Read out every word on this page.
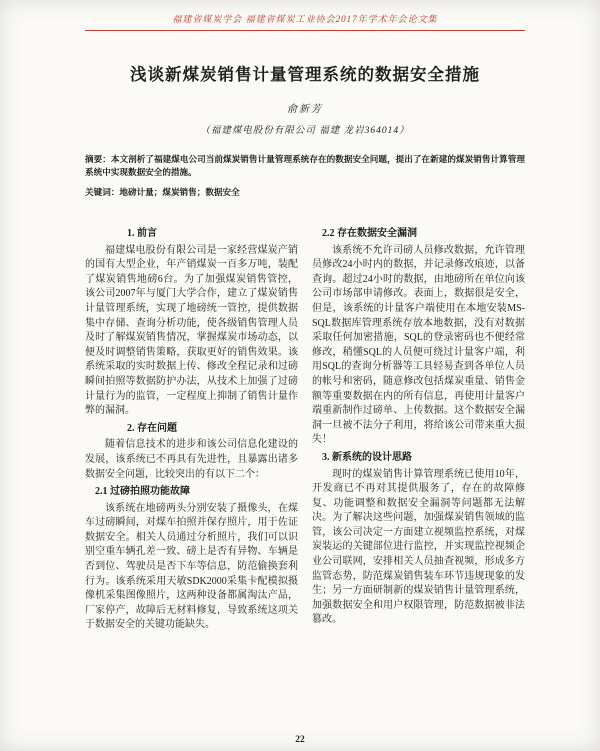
福建省煤炭学会 福建省煤炭工业协会2017年学术年会论文集
浅谈新煤炭销售计量管理系统的数据安全措施
俞新芳
（福建煤电股份有限公司 福建 龙岩364014）
摘要：本文剖析了福建煤电公司当前煤炭销售计量管理系统存在的数据安全问题，提出了在新建的煤炭销售计算管理系统中实现数据安全的措施。
关键词：地磅计量；煤炭销售；数据安全
1. 前言

福建煤电股份有限公司是一家经营煤炭产销的国有大型企业，年产销煤炭一百多万吨，装配了煤炭销售地磅6台。为了加强煤炭销售管控，该公司2007年与厦门大学合作，建立了煤炭销售计量管理系统，实现了地磅统一管控，提供数据集中存储、查询分析功能，使各级销售管理人员及时了解煤炭销售情况，掌握煤炭市场动态，以便及时调整销售策略，获取更好的销售效果。该系统采取的实时数据上传、修改全程记录和过磅瞬间拍照等数据防护办法，从技术上加强了过磅计量行为的监管，一定程度上抑制了销售计量作弊的漏洞。

2. 存在问题

随着信息技术的进步和该公司信息化建设的发展，该系统已不再具有先进性，且暴露出诸多数据安全问题，比较突出的有以下二个：

2.1 过磅拍照功能故障

该系统在地磅两头分别安装了摄像头，在煤车过磅瞬间，对煤车拍照并保存照片，用于佐证数据安全。相关人员通过分析照片，我们可以识别空重车辆孔差一致、磅上是否有异物、车辆是否到位、驾驶员是否下车等信息，防范偷换套利行为。该系统采用天敏SDK2000采集卡配模拟摄像机采集图像照片，这两种设备都属淘汰产品，厂家停产，故障后无材料修复，导致系统这项关于数据安全的关键功能缺失。

2.2 存在数据安全漏洞

该系统不允许司磅人员修改数据，允许管理员修改24小时内的数据，并记录修改痕迹，以备查询。超过24小时的数据，由地磅所在单位向该公司市场部申请修改。表面上，数据很是安全，但是，该系统的计量客户端使用在本地安装MS-SQL数据库管理系统存放本地数据，没有对数据采取任何加密措施，SQL的登录密码也不便经常修改，稍懂SQL的人员便可绕过计量客户端，利用SQL的查询分析器等工具轻易查到各单位人员的帐号和密码，随意修改包括煤炭重量、销售金额等重要数据在内的所有信息，再使用计量客户端重新制作过磅单、上传数据。这个数据安全漏洞一旦被不法分子利用，将给该公司带来重大损失！

3. 新系统的设计思路

现时的煤炭销售计算管理系统已使用10年，开发商已不再对其提供服务了，存在的故障修复、功能调整和数据安全漏洞等问题都无法解决。为了解决这些问题，加强煤炭销售领域的监管，该公司决定一方面建立视频监控系统，对煤炭装运的关键部位进行监控，并实现监控视频企业公司联网，安排相关人员抽查视频，形成多方监管态势，防范煤炭销售装车环节违规现象的发生；另一方面研制新的煤炭销售计量管理系统，加强数据安全和用户权限管理，防范数据被非法篡改。

22
